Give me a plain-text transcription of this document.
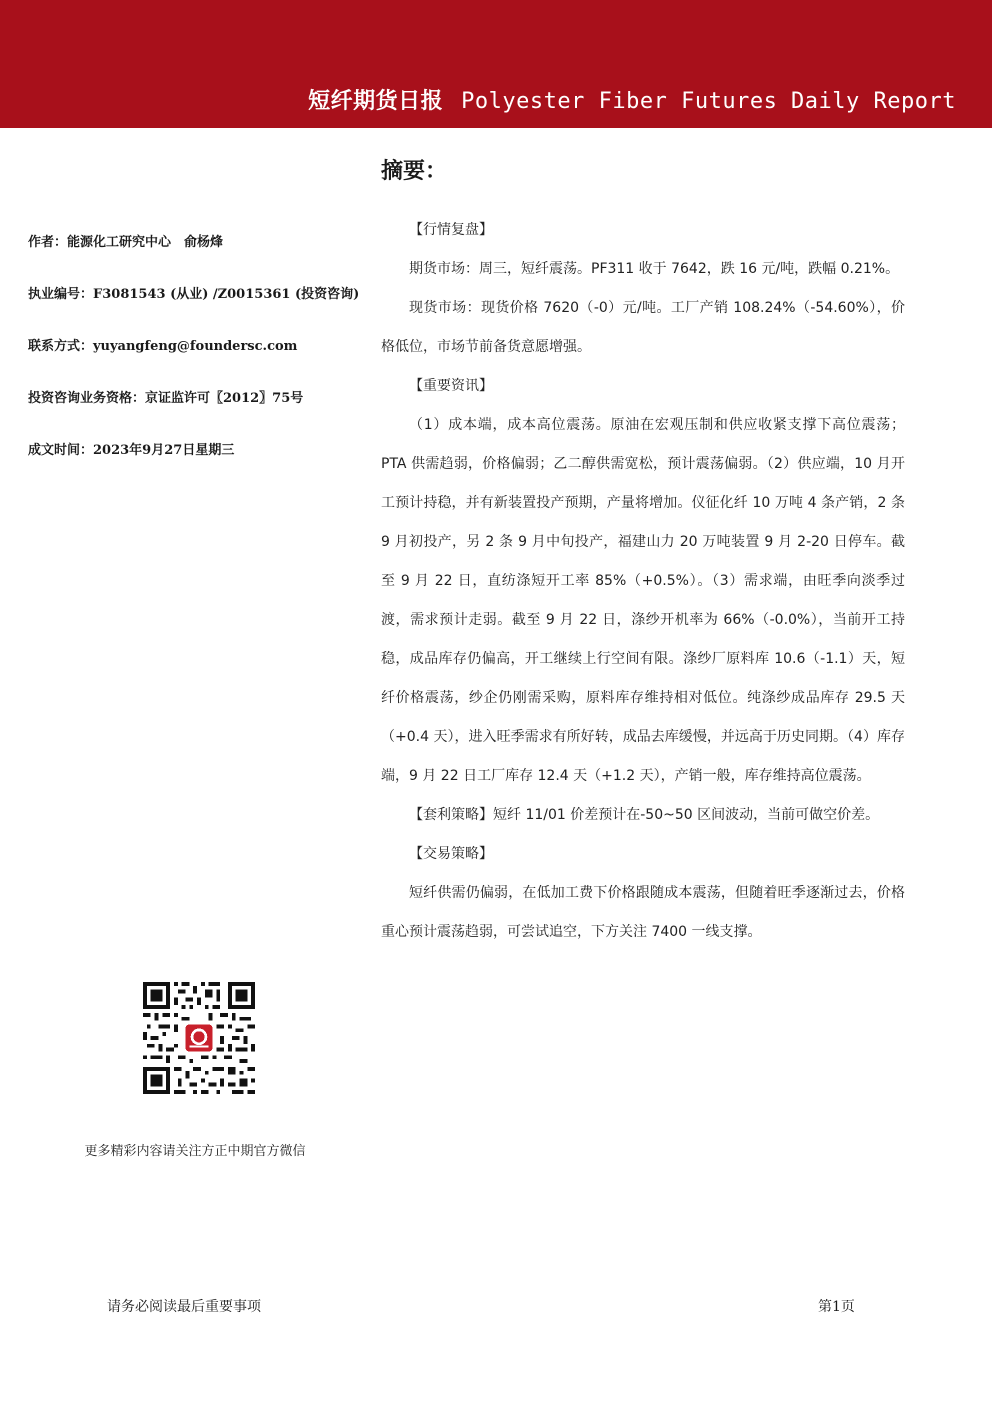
短纤期货日报 Polyester Fiber Futures Daily Report
摘要：
作者：能源化工研究中心　俞杨烽
执业编号：F3081543 (从业) /Z0015361 (投资咨询)
联系方式：yuyangfeng@foundersc.com
投资咨询业务资格：京证监许可〖2012〗75号
成文时间：2023年9月27日星期三
更多精彩内容请关注方正中期官方微信

【行情复盘】

期货市场：周三，短纤震荡。PF311 收于 7642，跌 16 元/吨，跌幅 0.21%。

现货市场：现货价格 7620（-0）元/吨。工厂产销 108.24%（-54.60%），价格低位，市场节前备货意愿增强。

【重要资讯】

（1）成本端，成本高位震荡。原油在宏观压制和供应收紧支撑下高位震荡；PTA 供需趋弱，价格偏弱；乙二醇供需宽松，预计震荡偏弱。（2）供应端，10 月开工预计持稳，并有新装置投产预期，产量将增加。仪征化纤 10 万吨 4 条产销，2 条 9 月初投产，另 2 条 9 月中旬投产，福建山力 20 万吨装置 9 月 2-20 日停车。截至 9 月 22 日，直纺涤短开工率 85%（+0.5%）。（3）需求端，由旺季向淡季过渡，需求预计走弱。截至 9 月 22 日，涤纱开机率为 66%（-0.0%），当前开工持稳，成品库存仍偏高，开工继续上行空间有限。涤纱厂原料库 10.6（-1.1）天，短纤价格震荡，纱企仍刚需采购，原料库存维持相对低位。纯涤纱成品库存 29.5 天（+0.4 天），进入旺季需求有所好转，成品去库缓慢，并远高于历史同期。（4）库存端，9 月 22 日工厂库存 12.4 天（+1.2 天），产销一般，库存维持高位震荡。

【套利策略】短纤 11/01 价差预计在-50~50 区间波动，当前可做空价差。

【交易策略】

短纤供需仍偏弱，在低加工费下价格跟随成本震荡，但随着旺季逐渐过去，价格重心预计震荡趋弱，可尝试追空，下方关注 7400 一线支撑。

请务必阅读最后重要事项	第1页
